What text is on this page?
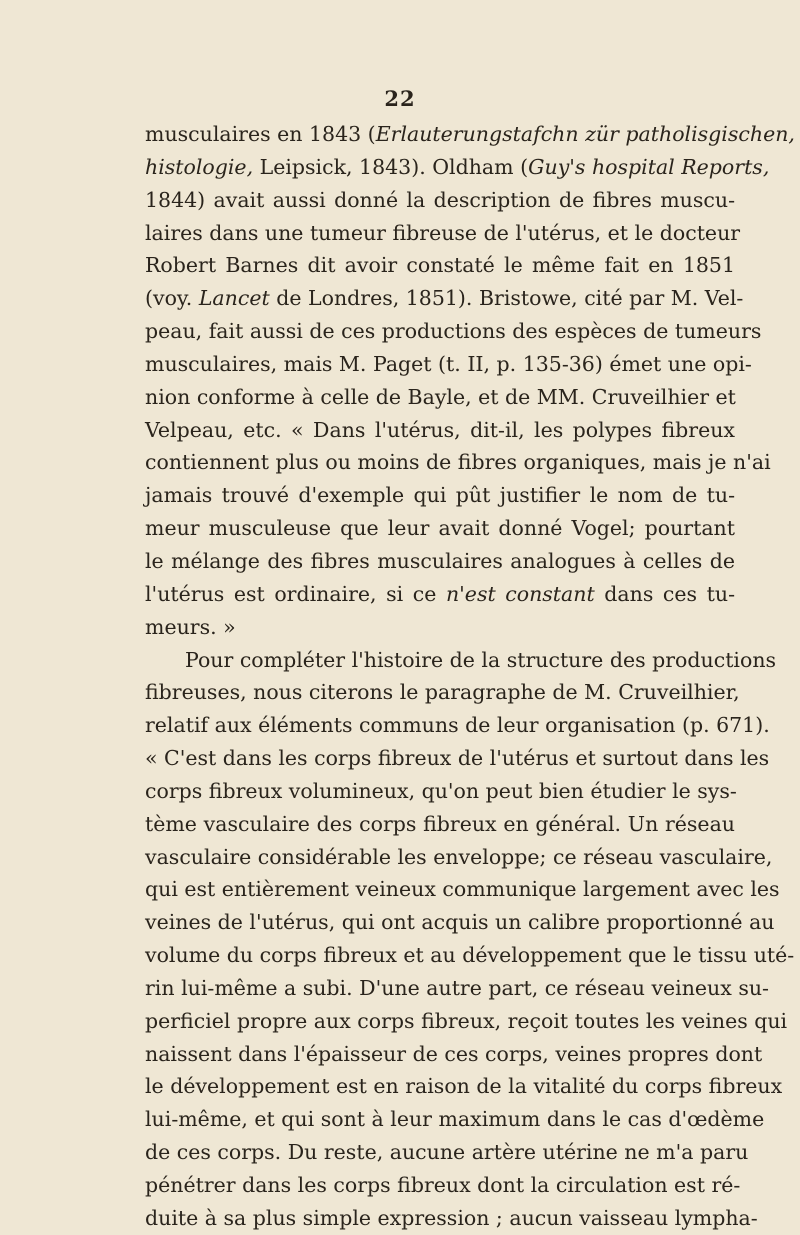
22
musculaires en 1843 (Erlauterungstafchn zür patholisgischen,
histologie, Leipsick, 1843). Oldham (Guy's hospital Reports,
1844) avait aussi donné la description de fibres muscu-
laires dans une tumeur fibreuse de l'utérus, et le docteur
Robert Barnes dit avoir constaté le même fait en 1851
(voy. Lancet de Londres, 1851). Bristowe, cité par M. Vel-
peau, fait aussi de ces productions des espèces de tumeurs
musculaires, mais M. Paget (t. II, p. 135-36) émet une opi-
nion conforme à celle de Bayle, et de MM. Cruveilhier et
Velpeau, etc. « Dans l'utérus, dit-il, les polypes fibreux
contiennent plus ou moins de fibres organiques, mais je n'ai
jamais trouvé d'exemple qui pût justifier le nom de tu-
meur musculeuse que leur avait donné Vogel; pourtant
le mélange des fibres musculaires analogues à celles de
l'utérus est ordinaire, si ce n'est constant dans ces tu-
meurs. »
Pour compléter l'histoire de la structure des productions
fibreuses, nous citerons le paragraphe de M. Cruveilhier,
relatif aux éléments communs de leur organisation (p. 671).
« C'est dans les corps fibreux de l'utérus et surtout dans les
corps fibreux volumineux, qu'on peut bien étudier le sys-
tème vasculaire des corps fibreux en général. Un réseau
vasculaire considérable les enveloppe; ce réseau vasculaire,
qui est entièrement veineux communique largement avec les
veines de l'utérus, qui ont acquis un calibre proportionné au
volume du corps fibreux et au développement que le tissu uté-
rin lui-même a subi. D'une autre part, ce réseau veineux su-
perficiel propre aux corps fibreux, reçoit toutes les veines qui
naissent dans l'épaisseur de ces corps, veines propres dont
le développement est en raison de la vitalité du corps fibreux
lui-même, et qui sont à leur maximum dans le cas d'œdème
de ces corps. Du reste, aucune artère utérine ne m'a paru
pénétrer dans les corps fibreux dont la circulation est ré-
duite à sa plus simple expression ; aucun vaisseau lympha-
